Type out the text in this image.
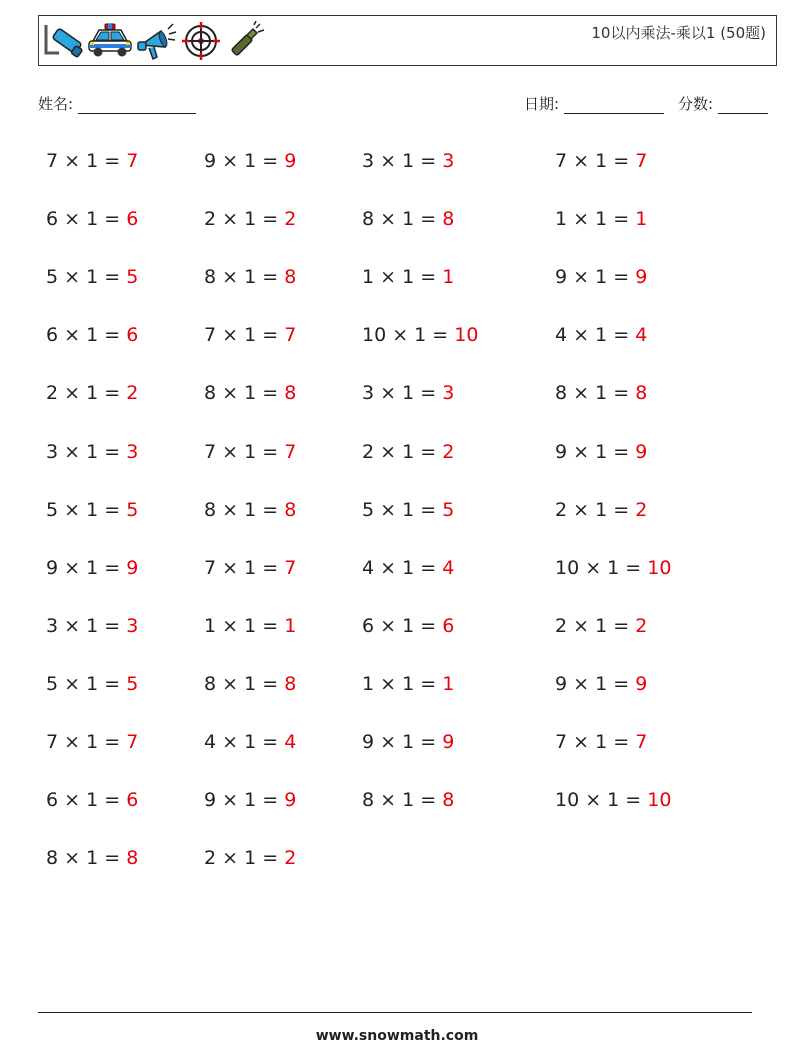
10以内乘法-乘以1 (50题)
姓名:	日期:	分数:
7 × 1 = 7
6 × 1 = 6
5 × 1 = 5
6 × 1 = 6
2 × 1 = 2
3 × 1 = 3
5 × 1 = 5
9 × 1 = 9
3 × 1 = 3
5 × 1 = 5
7 × 1 = 7
6 × 1 = 6
8 × 1 = 8
9 × 1 = 9
2 × 1 = 2
8 × 1 = 8
7 × 1 = 7
8 × 1 = 8
7 × 1 = 7
8 × 1 = 8
7 × 1 = 7
1 × 1 = 1
8 × 1 = 8
4 × 1 = 4
9 × 1 = 9
2 × 1 = 2
3 × 1 = 3
8 × 1 = 8
1 × 1 = 1
10 × 1 = 10
3 × 1 = 3
2 × 1 = 2
5 × 1 = 5
4 × 1 = 4
6 × 1 = 6
1 × 1 = 1
9 × 1 = 9
8 × 1 = 8
7 × 1 = 7
1 × 1 = 1
9 × 1 = 9
4 × 1 = 4
8 × 1 = 8
9 × 1 = 9
2 × 1 = 2
10 × 1 = 10
2 × 1 = 2
9 × 1 = 9
7 × 1 = 7
10 × 1 = 10
www.snowmath.com
